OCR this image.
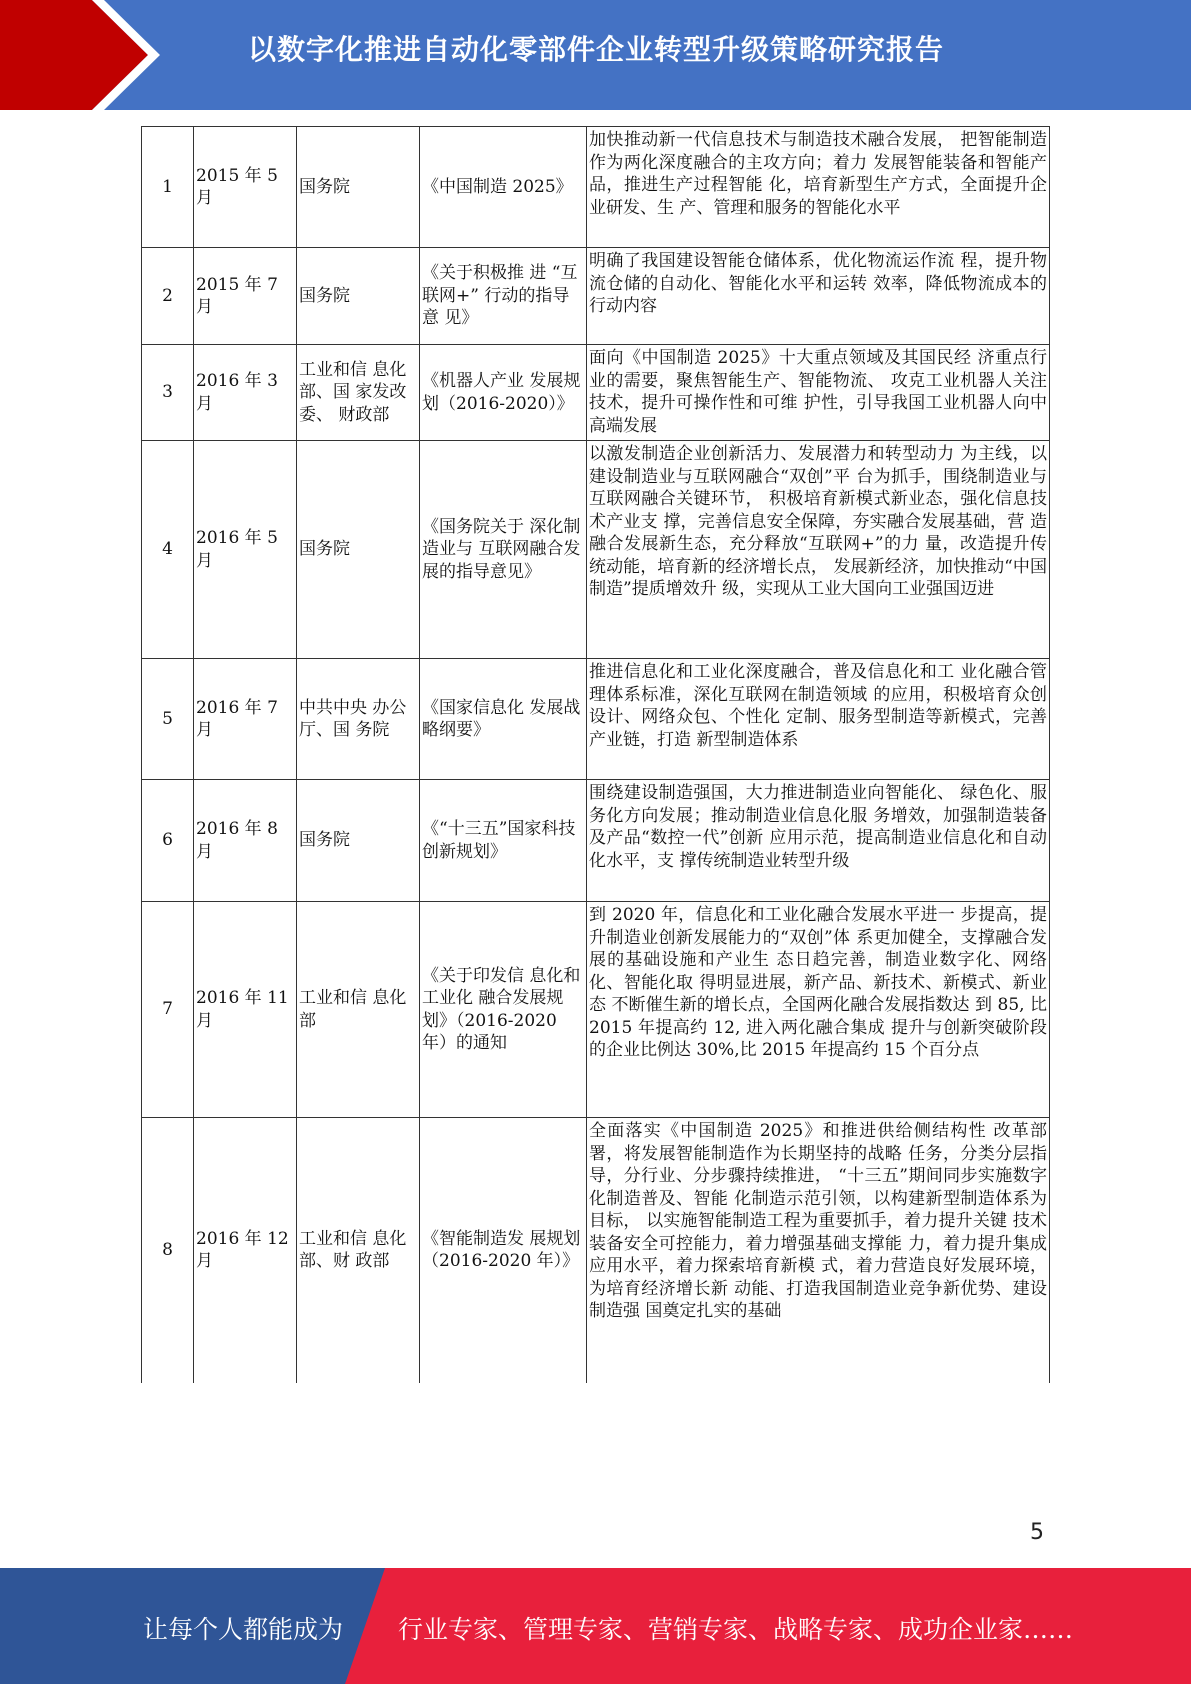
以数字化推进自动化零部件企业转型升级策略研究报告
1	2015 年 5 月	国务院	《中国制造 2025》	加快推动新一代信息技术与制造技术融合发展， 把智能制造作为两化深度融合的主攻方向；着力 发展智能装备和智能产品，推进生产过程智能 化，培育新型生产方式，全面提升企业研发、生 产、管理和服务的智能化水平
2	2015 年 7 月	国务院	《关于积极推 进 “互联网+” 行动的指导意 见》	明确了我国建设智能仓储体系，优化物流运作流 程，提升物流仓储的自动化、智能化水平和运转 效率，降低物流成本的行动内容
3	2016 年 3 月	工业和信 息化部、国 家发改委、 财政部	《机器人产业 发展规划（2016-2020）》	面向《中国制造 2025》十大重点领域及其国民经 济重点行业的需要，聚焦智能生产、智能物流、 攻克工业机器人关注技术，提升可操作性和可维 护性，引导我国工业机器人向中高端发展
4	2016 年 5 月	国务院	《国务院关于 深化制造业与 互联网融合发 展的指导意见》	以激发制造企业创新活力、发展潜力和转型动力 为主线，以建设制造业与互联网融合“双创”平 台为抓手，围绕制造业与互联网融合关键环节， 积极培育新模式新业态，强化信息技术产业支 撑，完善信息安全保障，夯实融合发展基础，营 造融合发展新生态，充分释放“互联网+”的力 量，改造提升传统动能，培育新的经济增长点， 发展新经济，加快推动“中国制造”提质增效升 级，实现从工业大国向工业强国迈进
5	2016 年 7 月	中共中央 办公厅、国 务院	《国家信息化 发展战略纲要》	推进信息化和工业化深度融合，普及信息化和工 业化融合管理体系标准，深化互联网在制造领域 的应用，积极培育众创设计、网络众包、个性化 定制、服务型制造等新模式，完善产业链，打造 新型制造体系
6	2016 年 8 月	国务院	《“十三五”国家科技创新规划》	围绕建设制造强国，大力推进制造业向智能化、 绿色化、服务化方向发展；推动制造业信息化服 务增效，加强制造装备及产品“数控一代”创新 应用示范，提高制造业信息化和自动化水平，支 撑传统制造业转型升级
7	2016 年 11 月	工业和信 息化部	《关于印发信 息化和工业化 融合发展规划》（2016-2020 年）的通知	到 2020 年，信息化和工业化融合发展水平进一 步提高，提升制造业创新发展能力的“双创”体 系更加健全，支撑融合发展的基础设施和产业生 态日趋完善，制造业数字化、网络化、智能化取 得明显进展，新产品、新技术、新模式、新业态 不断催生新的增长点，全国两化融合发展指数达 到 85, 比 2015 年提高约 12, 进入两化融合集成 提升与创新突破阶段的企业比例达 30%,比 2015 年提高约 15 个百分点
8	2016 年 12 月	工业和信 息化部、财 政部	《智能制造发 展规划（2016-2020 年）》	全面落实《中国制造 2025》和推进供给侧结构性 改革部署，将发展智能制造作为长期坚持的战略 任务，分类分层指导，分行业、分步骤持续推进， “十三五”期间同步实施数字化制造普及、智能 化制造示范引领，以构建新型制造体系为目标， 以实施智能制造工程为重要抓手，着力提升关键 技术装备安全可控能力，着力增强基础支撑能 力，着力提升集成应用水平，着力探索培育新模 式，着力营造良好发展环境，为培育经济增长新 动能、打造我国制造业竞争新优势、建设制造强 国奠定扎实的基础
5
让每个人都能成为 行业专家、管理专家、营销专家、战略专家、成功企业家……
